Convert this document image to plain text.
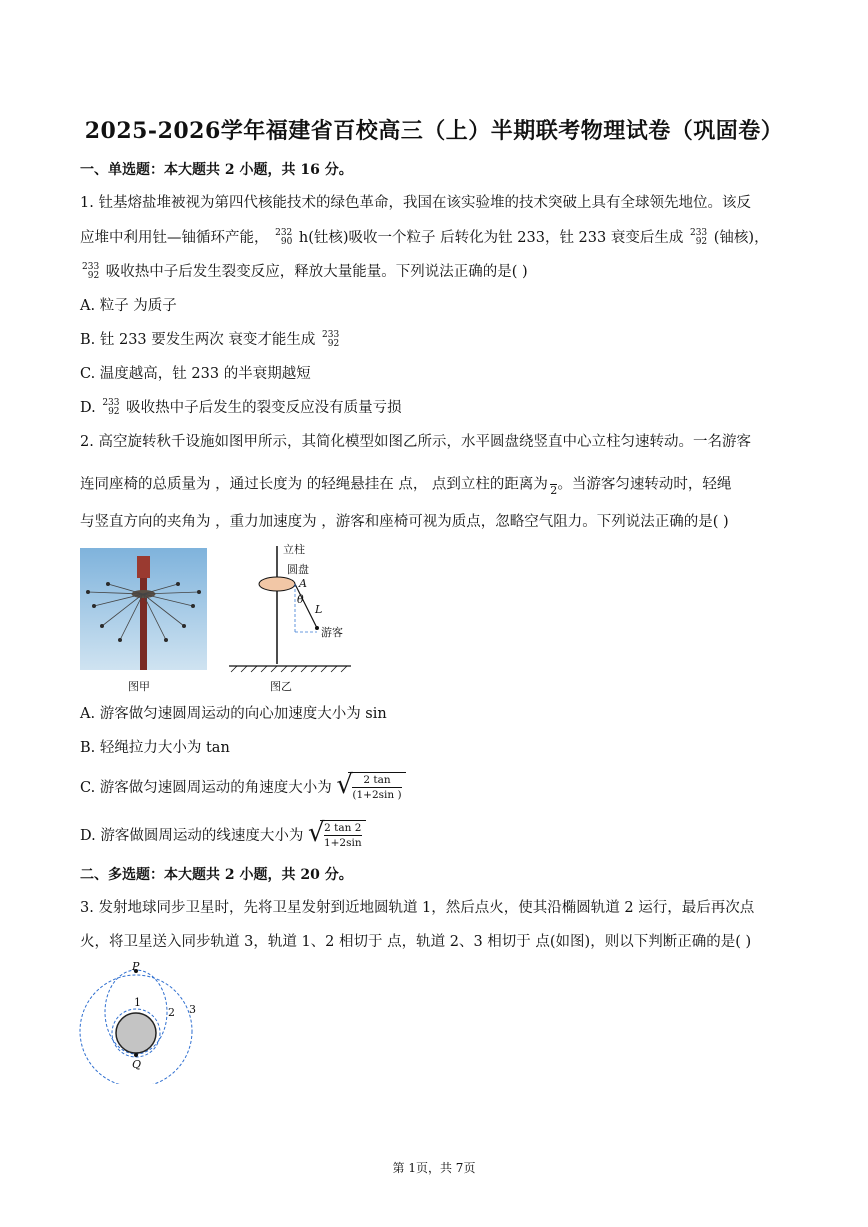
2025-2026学年福建省百校高三（上）半期联考物理试卷（巩固卷）
一、单选题：本大题共 2 小题，共 16 分。
1. 钍基熔盐堆被视为第四代核能技术的绿色革命，我国在该实验堆的技术突破上具有全球领先地位。该反
应堆中利用钍—铀循环产能， 232
90 h(钍核)吸收一个粒子 后转化为钍 233，钍 233 衰变后生成 233
92 (铀核)，
233
92 吸收热中子后发生裂变反应，释放大量能量。下列说法正确的是( )
A. 粒子 为质子
B. 钍 233 要发生两次 衰变才能生成 233
92
C. 温度越高，钍 233 的半衰期越短
D. 233
92 吸收热中子后发生的裂变反应没有质量亏损
2. 高空旋转秋千设施如图甲所示，其简化模型如图乙所示，水平圆盘绕竖直中心立柱匀速转动。一名游客
连同座椅的总质量为 ，通过长度为 的轻绳悬挂在 点， 点到立柱的距离为
2 。当游客匀速转动时，轻绳
与竖直方向的夹角为 ，重力加速度为 ，游客和座椅可视为质点，忽略空气阻力。下列说法正确的是( )
图甲
立柱
圆盘
A
θ
L
游客
图乙
A. 游客做匀速圆周运动的向心加速度大小为 sin
B. 轻绳拉力大小为 tan
C. 游客做匀速圆周运动的角速度大小为 √
$\frac{2 \tan}{(1+2\sin )}$
D. 游客做圆周运动的线速度大小为 √
$\frac{2 \tan 2}{1+2\sin}$
二、多选题：本大题共 2 小题，共 20 分。
3. 发射地球同步卫星时，先将卫星发射到近地圆轨道 1，然后点火，使其沿椭圆轨道 2 运行，最后再次点
火，将卫星送入同步轨道 3，轨道 1、2 相切于 点，轨道 2、3 相切于 点(如图)，则以下判断正确的是( )
P
1
2 3
Q
第 1页，共 7页
